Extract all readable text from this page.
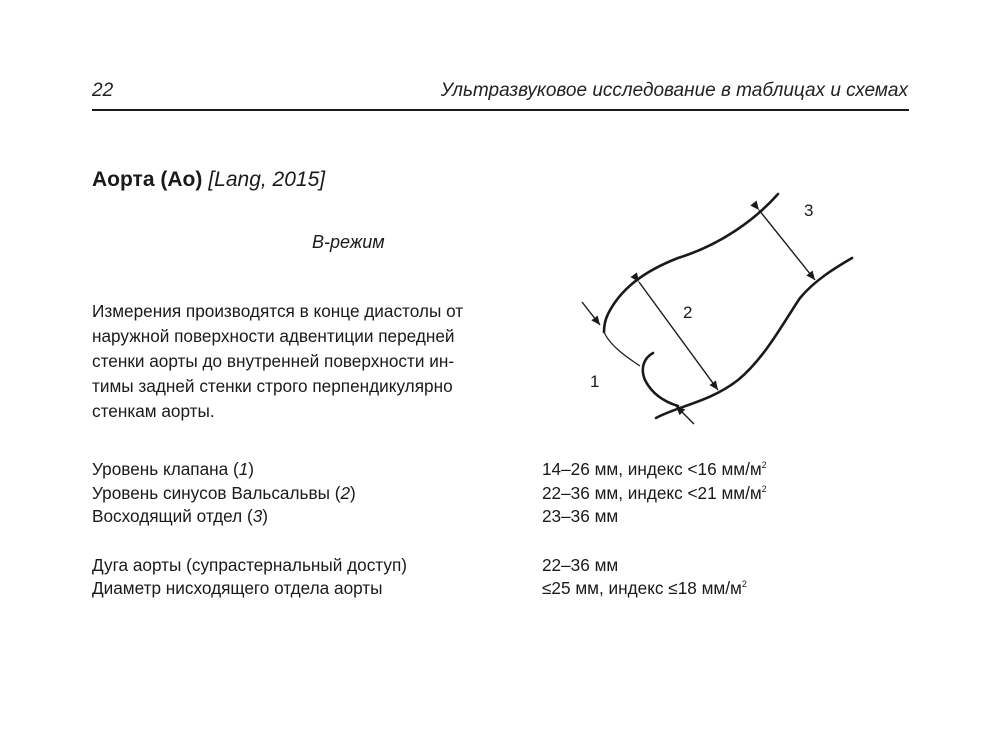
22	Ультразвуковое исследование в таблицах и схемах
Аорта (Ао) [Lang, 2015]
В-режим
Измерения производятся в конце диастолы от
наружной поверхности адвентиции передней
стенки аорты до внутренней поверхности ин-
тимы задней стенки строго перпендикулярно
стенкам аорты.
1
2
3
Уровень клапана (1)	14–26 мм, индекс <16 $мм/м^2$
Уровень синусов Вальсальвы (2)	22–36 мм, индекс <21 $мм/м^2$
Восходящий отдел (3)	23–36 мм
Дуга аорты (супрастернальный доступ)	22–36 мм
Диаметр нисходящего отдела аорты	≤25 мм, индекс ≤18 $мм/м^2$
